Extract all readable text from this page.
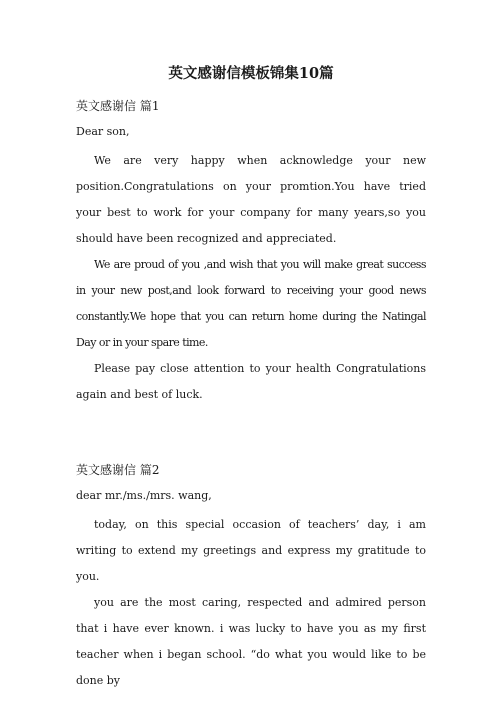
英文感谢信模板锦集10篇
英文感谢信 篇1
Dear son,

We are very happy when acknowledge your new position.Congratulations on your promtion.You have tried your best to work for your company for many years,so you should have been recognized and appreciated.

We are proud of you ,and wish that you will make great success in your new post,and look forward to receiving your good news constantly.We hope that you can return home during the Natingal Day or in your spare time.

Please pay close attention to your health Congratulations again and best of luck.

英文感谢信 篇2
dear mr./ms./mrs. wang,

today, on this special occasion of teachers’ day, i am writing to extend my greetings and express my gratitude to you.

you are the most caring, respected and admired person that i have ever known. i was lucky to have you as my first teacher when i began school. “do what you would like to be done by
